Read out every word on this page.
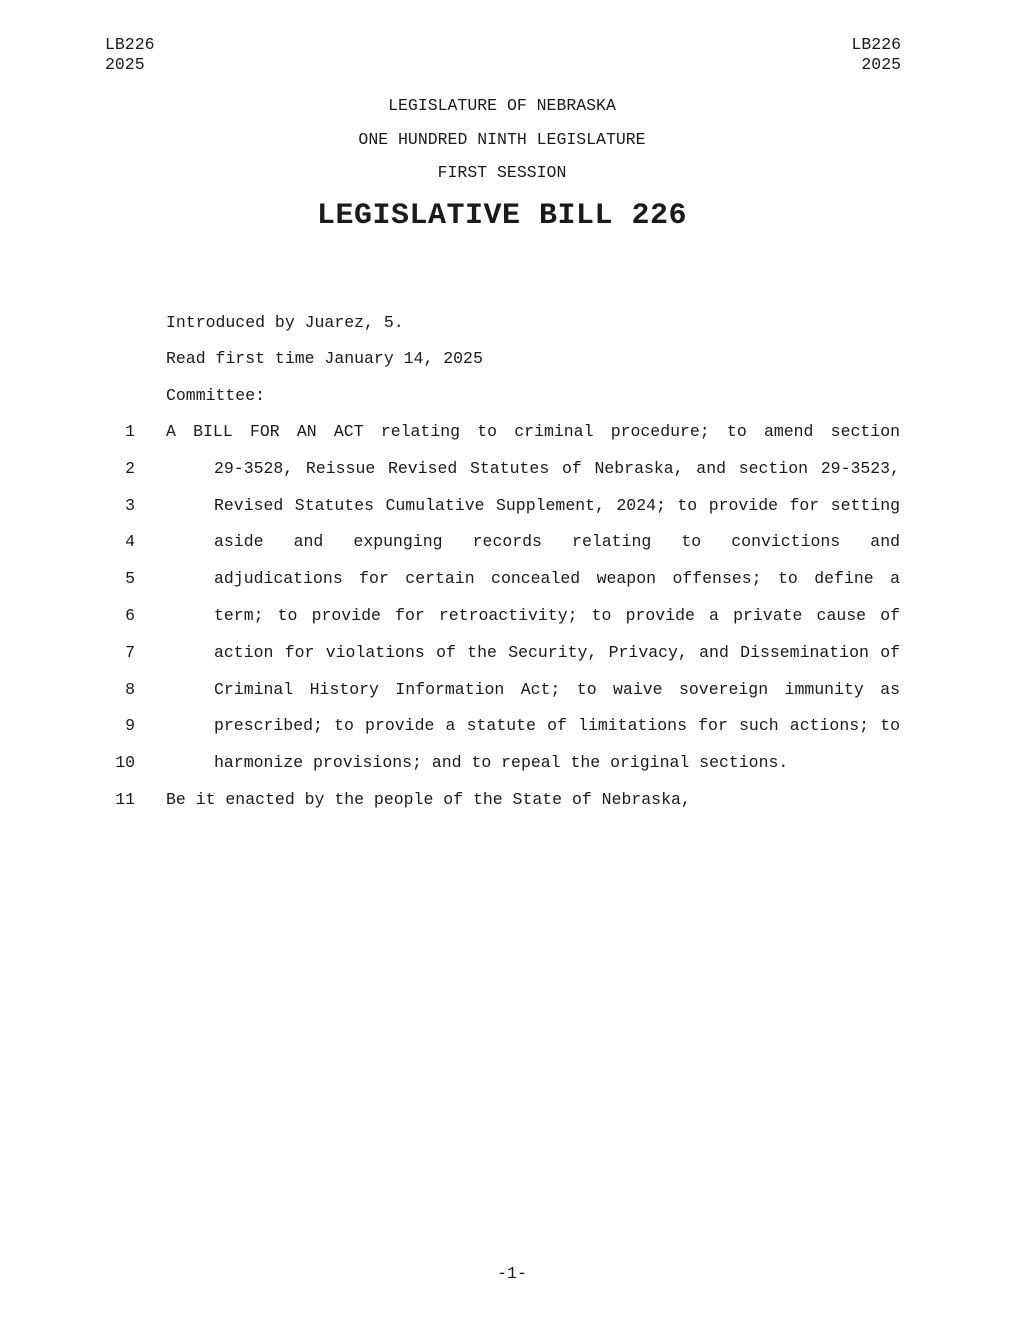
LB226
2025
LB226
2025
LEGISLATURE OF NEBRASKA
ONE HUNDRED NINTH LEGISLATURE
FIRST SESSION
LEGISLATIVE BILL 226
Introduced by Juarez, 5.
Read first time January 14, 2025
Committee:
1 A BILL FOR AN ACT relating to criminal procedure; to amend section
2	29-3528, Reissue Revised Statutes of Nebraska, and section 29-3523,
3	Revised Statutes Cumulative Supplement, 2024; to provide for setting
4	aside and expunging records relating to convictions and
5	adjudications for certain concealed weapon offenses; to define a
6	term; to provide for retroactivity; to provide a private cause of
7	action for violations of the Security, Privacy, and Dissemination of
8	Criminal History Information Act; to waive sovereign immunity as
9	prescribed; to provide a statute of limitations for such actions; to
10	harmonize provisions; and to repeal the original sections.
11 Be it enacted by the people of the State of Nebraska,
-1-
